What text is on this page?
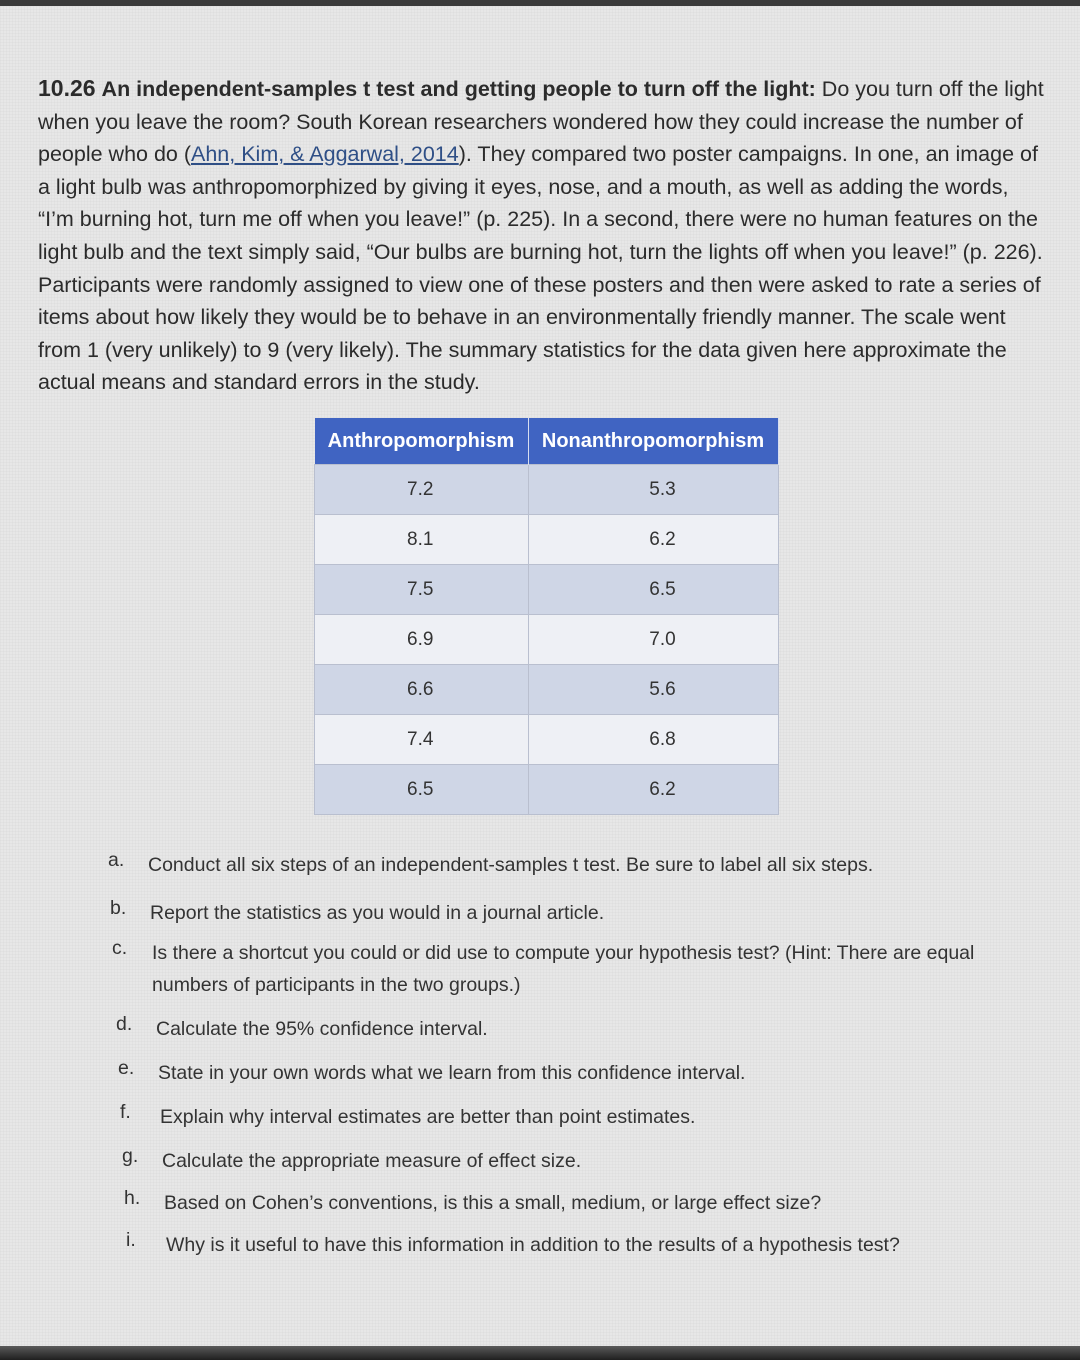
10.26 An independent-samples t test and getting people to turn off the light: Do you turn off the light when you leave the room? South Korean researchers wondered how they could increase the number of people who do (Ahn, Kim, & Aggarwal, 2014). They compared two poster campaigns. In one, an image of a light bulb was anthropomorphized by giving it eyes, nose, and a mouth, as well as adding the words, “I’m burning hot, turn me off when you leave!” (p. 225). In a second, there were no human features on the light bulb and the text simply said, “Our bulbs are burning hot, turn the lights off when you leave!” (p. 226). Participants were randomly assigned to view one of these posters and then were asked to rate a series of items about how likely they would be to behave in an environmentally friendly manner. The scale went from 1 (very unlikely) to 9 (very likely). The summary statistics for the data given here approximate the actual means and standard errors in the study.
Anthropomorphism	Nonanthropomorphism
7.2	5.3
8.1	6.2
7.5	6.5
6.9	7.0
6.6	5.6
7.4	6.8
6.5	6.2
a. Conduct all six steps of an independent-samples t test. Be sure to label all six steps.
b. Report the statistics as you would in a journal article.
c. Is there a shortcut you could or did use to compute your hypothesis test? (Hint: There are equal numbers of participants in the two groups.)
d. Calculate the 95% confidence interval.
e. State in your own words what we learn from this confidence interval.
f. Explain why interval estimates are better than point estimates.
g. Calculate the appropriate measure of effect size.
h. Based on Cohen’s conventions, is this a small, medium, or large effect size?
i. Why is it useful to have this information in addition to the results of a hypothesis test?
